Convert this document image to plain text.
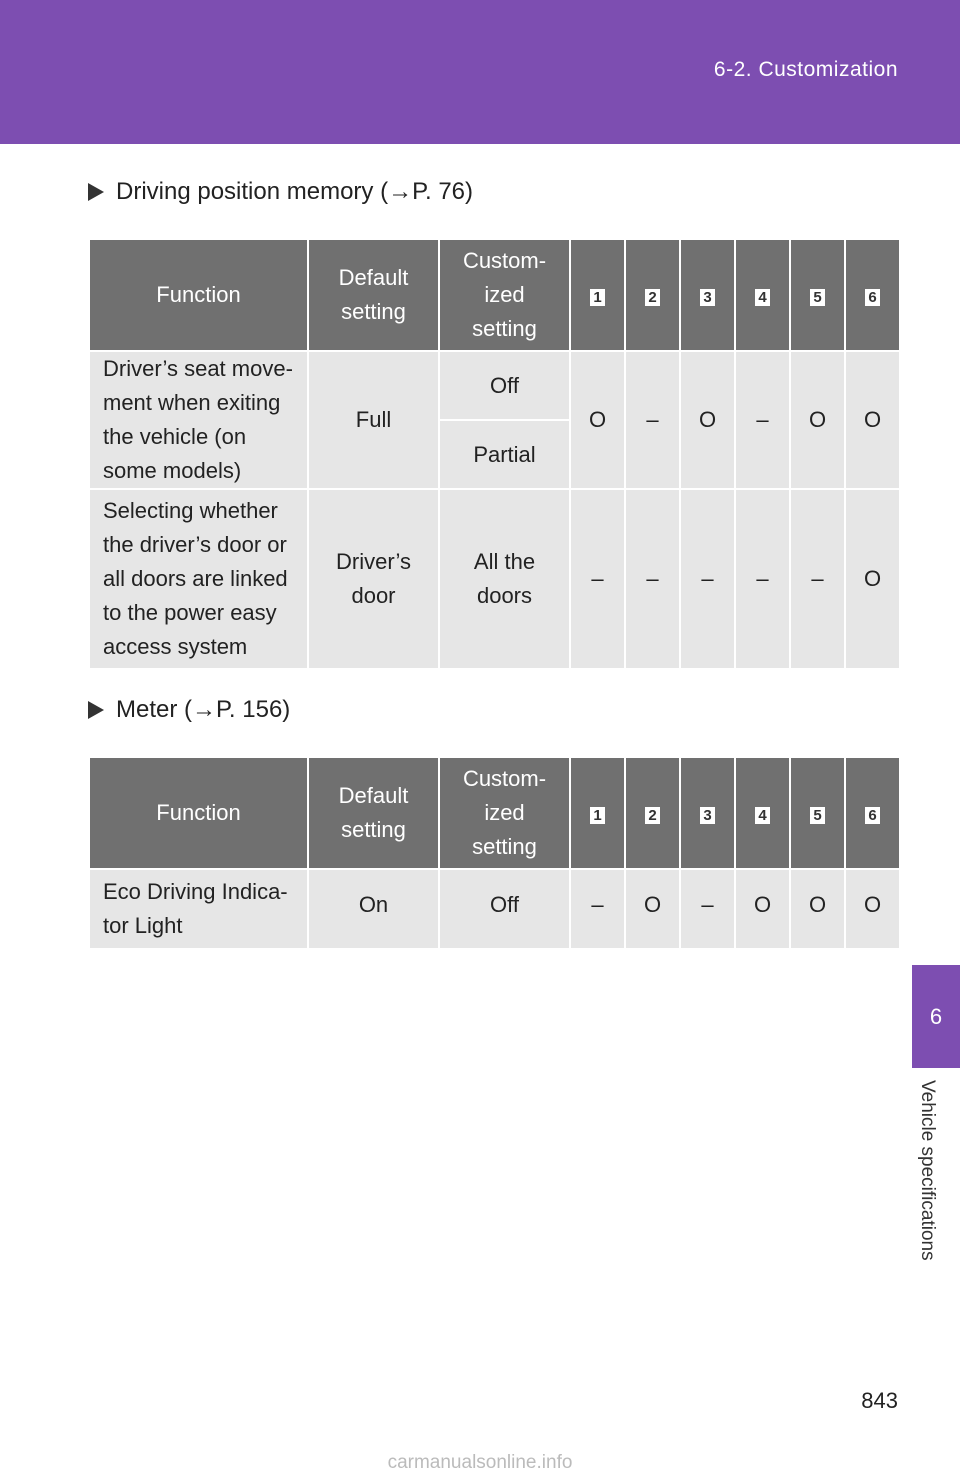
6-2. Customization
6
Vehicle specifications
Driving position memory (→P. 76)
Function	Default setting	Custom-ized setting	1	2	3	4	5	6
Driver’s seat move-ment when exiting the vehicle (on some models)	Full	Off	O	–	O	–	O	O
		Partial						
Selecting whether the driver’s door or all doors are linked to the power easy access system	Driver’s door	All the doors	–	–	–	–	–	O
Meter (→P. 156)
Function	Default setting	Custom-ized setting	1	2	3	4	5	6
Eco Driving Indica-tor Light	On	Off	–	O	–	O	O	O
843
carmanualsonline.info
